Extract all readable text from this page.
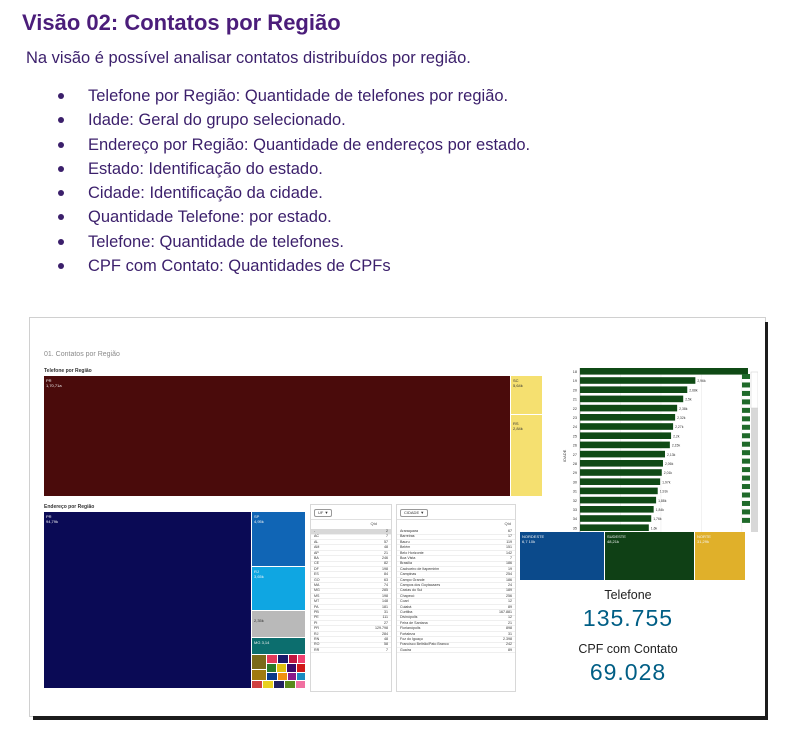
Visão 02: Contatos por Região
Na visão é possível analisar contatos distribuídos por região.
Telefone por Região: Quantidade de telefones por região.
Idade: Geral do grupo selecionado.
Endereço por Região: Quantidade de endereços por estado.
Estado: Identificação do estado.
Cidade: Identificação da cidade.
Quantidade Telefone: por estado.
Telefone: Quantidade de telefones.
CPF com Contato: Quantidades de CPFs
01. Contatos por Região
Telefone por Região
PR
1,70,71a
SC
5,64k
RS
2,84k
Endereço por Região
PR
94,79k
SP
4,95k
RJ
3,65k
2,35k
MG 3,14
UF ▼
Qtd
-	2
AC	7
AL	57
AM	48
AP	21
BA	246
CE	82
DF	198
ES	84
GO	63
MA	74
MG	285
MS	198
MT	148
PA	181
PB	31
PE	111
PI	27
PR	129.798
RJ	284
RN	48
RO	58
RR	7
CIDADE ▼
Qtd
Araraquara	67
Barreiras	17
Bauru	119
Belém	151
Belo Horizonte	142
Boa Vista	7
Brasília	186
Cachoeiro de Itapemirim	19
Campinas	254
Campo Grande	186
Campos dos Goytacazes	24
Caxias do Sul	189
Chapecó	256
Coari	12
Cuiabá	89
Curitiba	167.881
Divinópolis	12
Feira de Santana	21
Florianópolis	898
Fortaleza	31
Foz do Iguaçu	2.398
Francisco Beltrão/Pato Branco	242
Guaíra	89
IDADE
18
19	2,96k
20	2,68k
21	2,5k
22	2,38k
23	2,32k
24	2,27k
25	2,2k
26	2,15k
27	2,13k
28	2,06k
29	2,01k
30	1,97k
31	1,91k
32	1,88k
33	1,84k
34	1,76k
35	1,6k
NORDESTE
6,7 10k
SUDESTE
48,21k
NORTE
31,29k
Telefone
135.755
CPF com Contato
69.028
